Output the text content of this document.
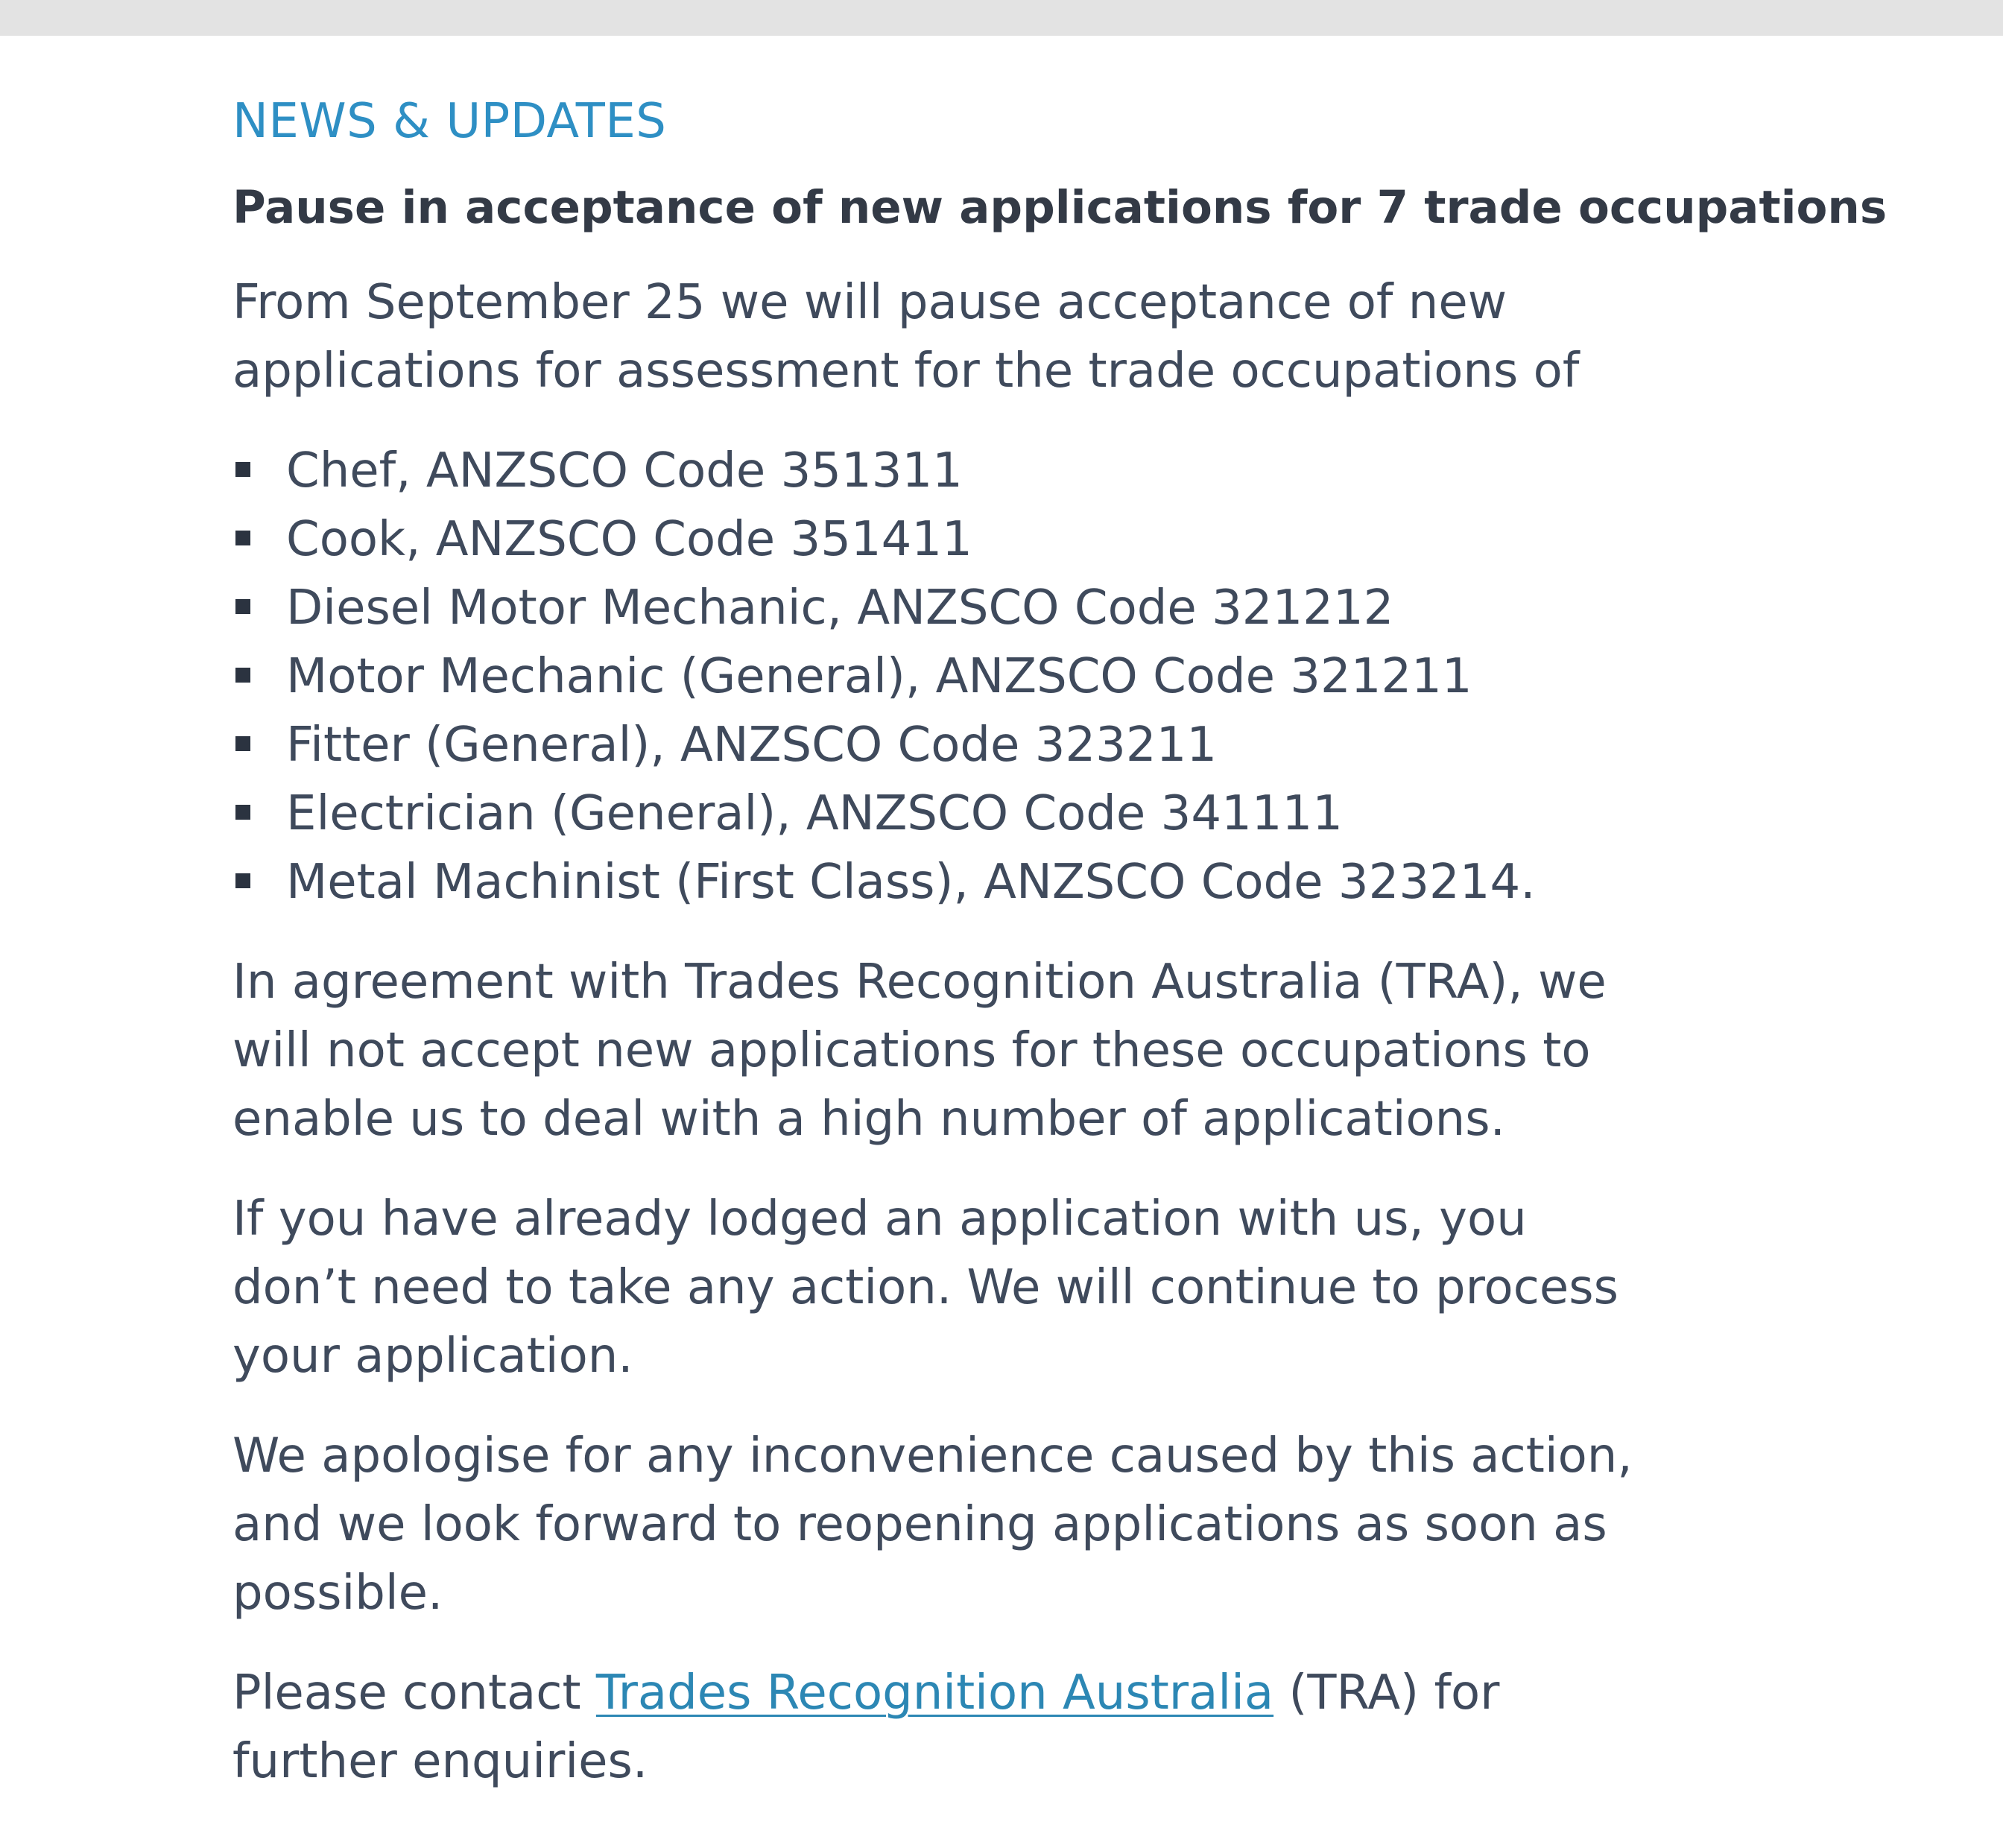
NEWS & UPDATES
Pause in acceptance of new applications for 7 trade occupations

From September 25 we will pause acceptance of new applications for assessment for the trade occupations of

Chef, ANZSCO Code 351311
Cook, ANZSCO Code 351411
Diesel Motor Mechanic, ANZSCO Code 321212
Motor Mechanic (General), ANZSCO Code 321211
Fitter (General), ANZSCO Code 323211
Electrician (General), ANZSCO Code 341111
Metal Machinist (First Class), ANZSCO Code 323214.

In agreement with Trades Recognition Australia (TRA), we will not accept new applications for these occupations to enable us to deal with a high number of applications.

If you have already lodged an application with us, you don’t need to take any action. We will continue to process your application.

We apologise for any inconvenience caused by this action, and we look forward to reopening applications as soon as possible.

Please contact Trades Recognition Australia (TRA) for further enquiries.
